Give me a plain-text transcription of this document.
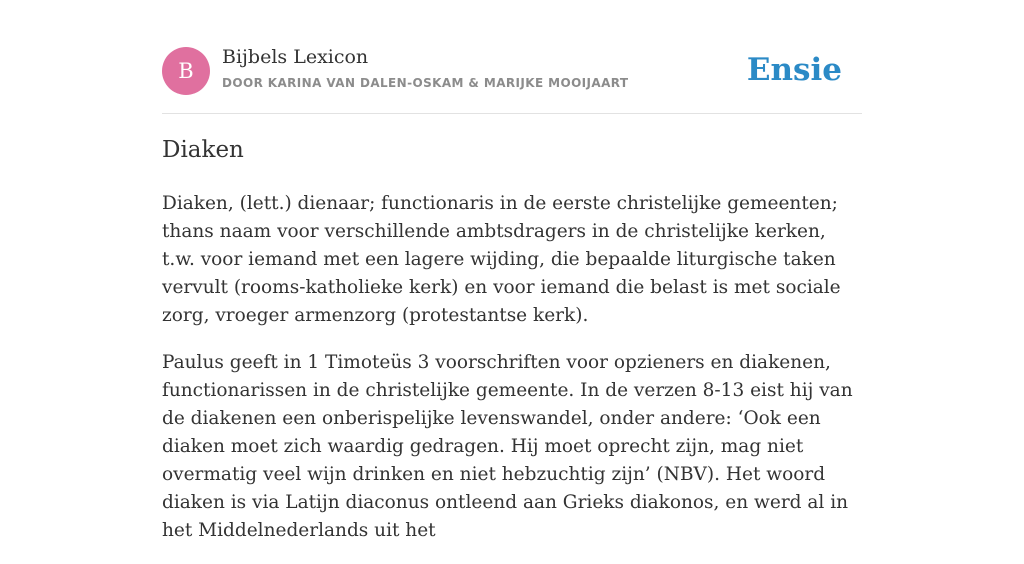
B
Bijbels Lexicon
DOOR KARINA VAN DALEN-OSKAM & MARIJKE MOOIJAART	Ensie
Diaken

Diaken, (lett.) dienaar; functionaris in de eerste christelijke gemeenten; thans naam voor verschillende ambtsdragers in de christelijke kerken, t.w. voor iemand met een lagere wijding, die bepaalde liturgische taken vervult (rooms-katholieke kerk) en voor iemand die belast is met sociale zorg, vroeger armenzorg (protestantse kerk).

Paulus geeft in 1 Timoteüs 3 voorschriften voor opzieners en diakenen, functionarissen in de christelijke gemeente. In de verzen 8-13 eist hij van de diakenen een onberispelijke levenswandel, onder andere: ‘Ook een diaken moet zich waardig gedragen. Hij moet oprecht zijn, mag niet overmatig veel wijn drinken en niet hebzuchtig zijn’ (NBV). Het woord diaken is via Latijn diaconus ontleend aan Grieks diakonos, en werd al in het Middelnederlands uit het
